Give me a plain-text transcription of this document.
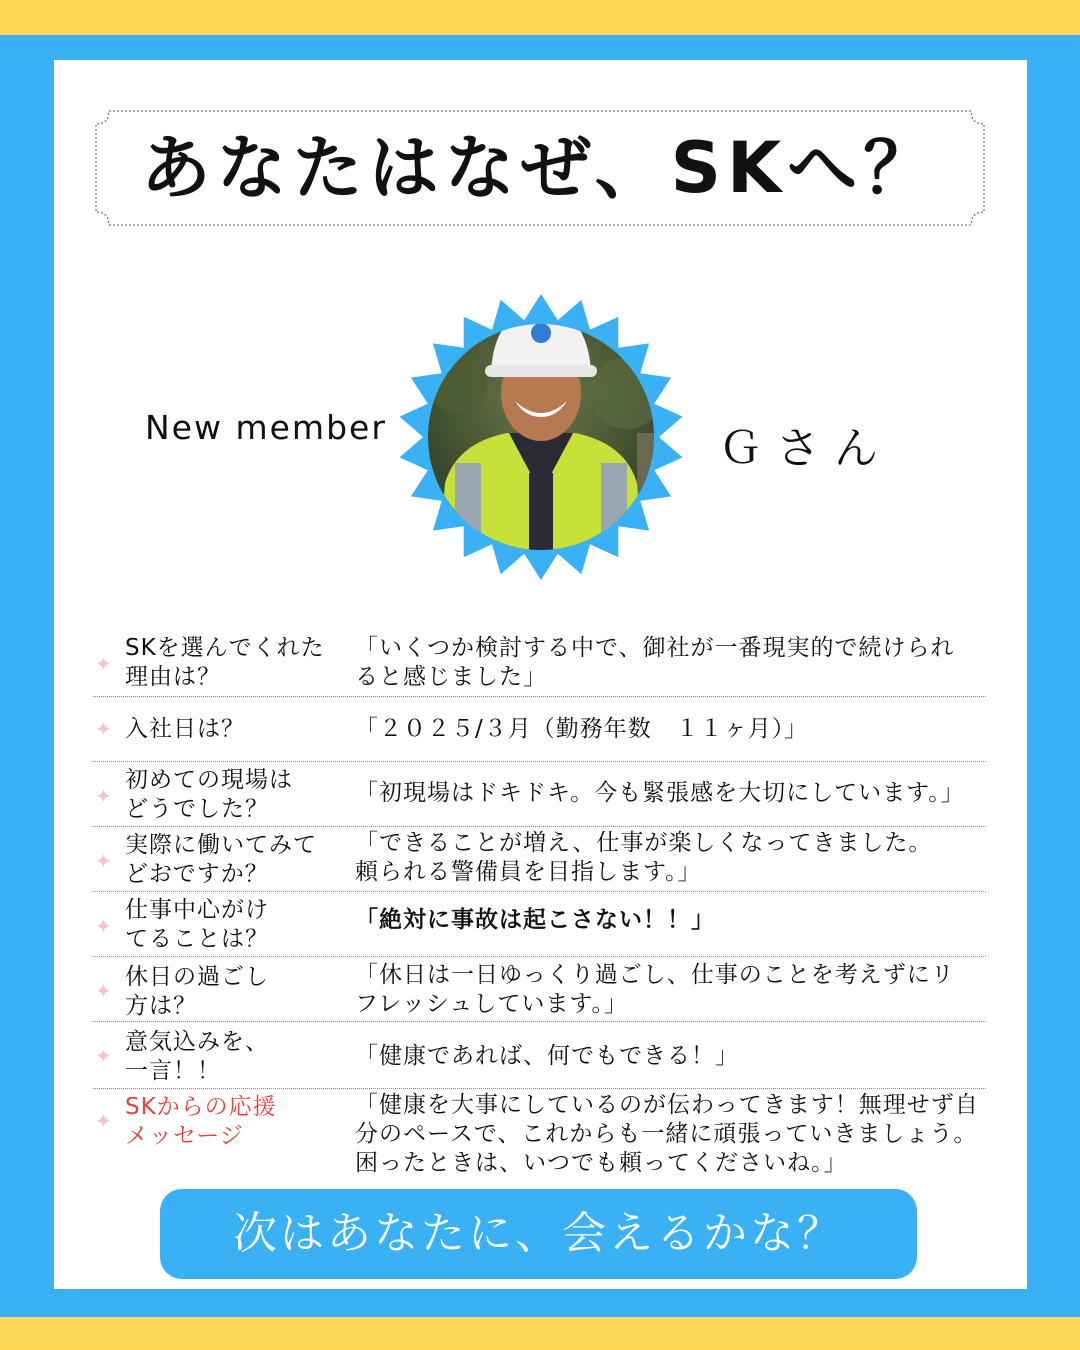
あなたはなぜ、SKへ？
New member	Ｇさん
✦
SKを選んでくれた
理由は？
「いくつか検討する中で、御社が一番現実的で続けられ
ると感じました」
✦ 入社日は？	「２０２５/３月（勤務年数　１１ヶ月）」
✦
初めての現場は
どうでした？
「初現場はドキドキ。今も緊張感を大切にしています。」
✦
実際に働いてみて
どおですか？
「できることが増え、仕事が楽しくなってきました。
頼られる警備員を目指します。」
✦
仕事中心がけ
てることは？
「絶対に事故は起こさない！！」
✦
休日の過ごし
方は？
「休日は一日ゆっくり過ごし、仕事のことを考えずにリ
フレッシュしています。」
✦
意気込みを、
一言！！
「健康であれば、何でもできる！」
✦
SKからの応援
メッセージ
「健康を大事にしているのが伝わってきます！無理せず自
分のペースで、これからも一緒に頑張っていきましょう。
困ったときは、いつでも頼ってくださいね。」
次はあなたに、会えるかな？
